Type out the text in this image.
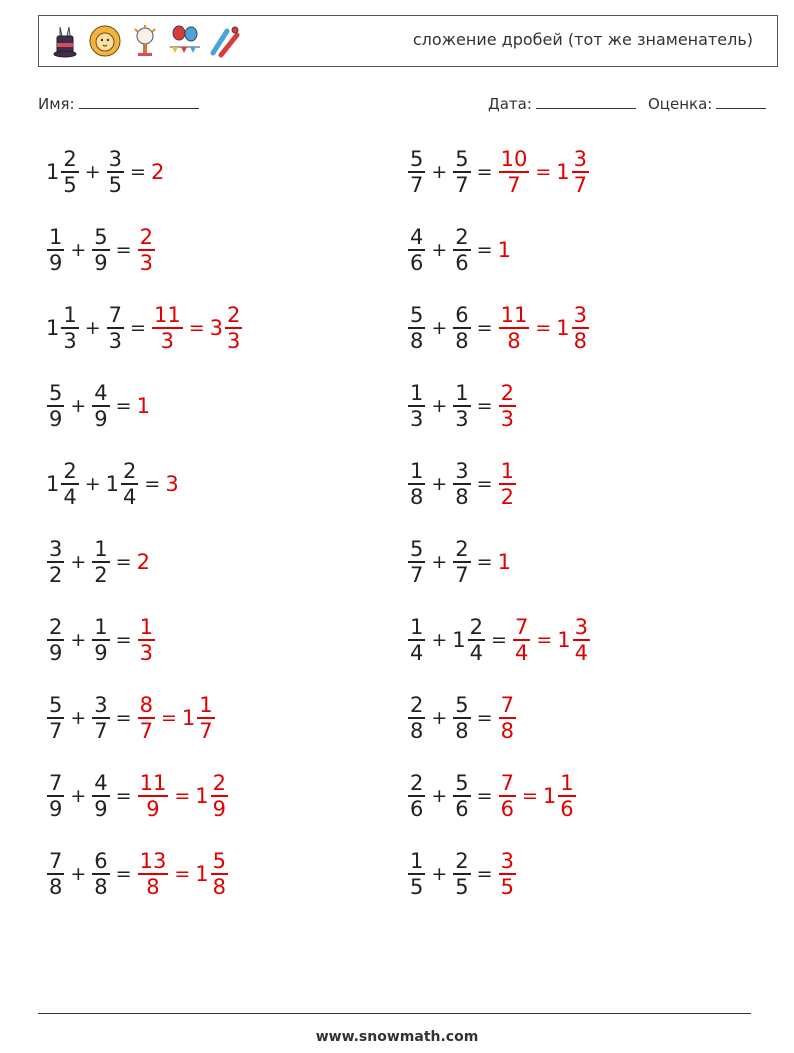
сложение дробей (тот же знаменатель)
Имя:	Дата:	Оценка:
$1 \frac{2}{5} + \frac{3}{5} = 2$	$\frac{5}{7} + \frac{5}{7} = \frac{10}{7} = 1 \frac{3}{7}$
$\frac{1}{9} + \frac{5}{9} = \frac{2}{3}$	$\frac{4}{6} + \frac{2}{6} = 1$
$1 \frac{1}{3} + \frac{7}{3} = \frac{11}{3} = 3 \frac{2}{3}$	$\frac{5}{8} + \frac{6}{8} = \frac{11}{8} = 1 \frac{3}{8}$
$\frac{5}{9} + \frac{4}{9} = 1$	$\frac{1}{3} + \frac{1}{3} = \frac{2}{3}$
$1 \frac{2}{4} + 1 \frac{2}{4} = 3$	$\frac{1}{8} + \frac{3}{8} = \frac{1}{2}$
$\frac{3}{2} + \frac{1}{2} = 2$	$\frac{5}{7} + \frac{2}{7} = 1$
$\frac{2}{9} + \frac{1}{9} = \frac{1}{3}$	$\frac{1}{4} + 1 \frac{2}{4} = \frac{7}{4} = 1 \frac{3}{4}$
$\frac{5}{7} + \frac{3}{7} = \frac{8}{7} = 1 \frac{1}{7}$	$\frac{2}{8} + \frac{5}{8} = \frac{7}{8}$
$\frac{7}{9} + \frac{4}{9} = \frac{11}{9} = 1 \frac{2}{9}$	$\frac{2}{6} + \frac{5}{6} = \frac{7}{6} = 1 \frac{1}{6}$
$\frac{7}{8} + \frac{6}{8} = \frac{13}{8} = 1 \frac{5}{8}$	$\frac{1}{5} + \frac{2}{5} = \frac{3}{5}$
www.snowmath.com
